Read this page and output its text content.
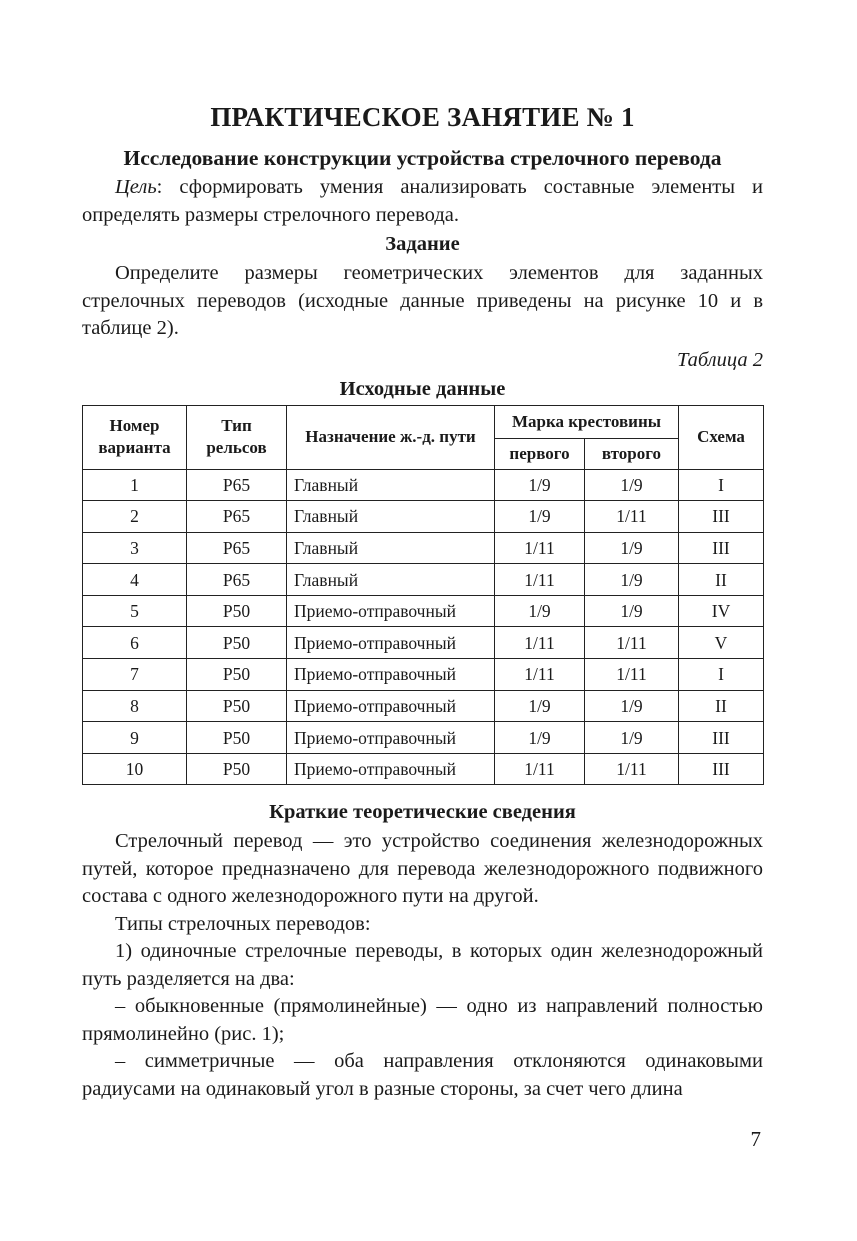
ПРАКТИЧЕСКОЕ ЗАНЯТИЕ № 1
Исследование конструкции устройства стрелочного перевода

Цель: сформировать умения анализировать составные элементы и определять размеры стрелочного перевода.

Задание

Определите размеры геометрических элементов для заданных стрелочных переводов (исходные данные приведены на рисунке 10 и в таблице 2).

Таблица 2
Исходные данные
Номер варианта	Тип рельсов	Назначение ж.-д. пути	Марка крестовины		Схема
			первого	второго	
1	Р65	Главный	1/9	1/9	I
2	Р65	Главный	1/9	1/11	III
3	Р65	Главный	1/11	1/9	III
4	Р65	Главный	1/11	1/9	II
5	Р50	Приемо-отправочный	1/9	1/9	IV
6	Р50	Приемо-отправочный	1/11	1/11	V
7	Р50	Приемо-отправочный	1/11	1/11	I
8	Р50	Приемо-отправочный	1/9	1/9	II
9	Р50	Приемо-отправочный	1/9	1/9	III
10	Р50	Приемо-отправочный	1/11	1/11	III
Краткие теоретические сведения

Стрелочный перевод — это устройство соединения железнодорожных путей, которое предназначено для перевода железнодорожного подвижного состава с одного железнодорожного пути на другой.

Типы стрелочных переводов:

1) одиночные стрелочные переводы, в которых один железнодорожный путь разделяется на два:

– обыкновенные (прямолинейные) — одно из направлений полностью прямолинейно (рис. 1);

– симметричные — оба направления отклоняются одинаковыми радиусами на одинаковый угол в разные стороны, за счет чего длина

7
